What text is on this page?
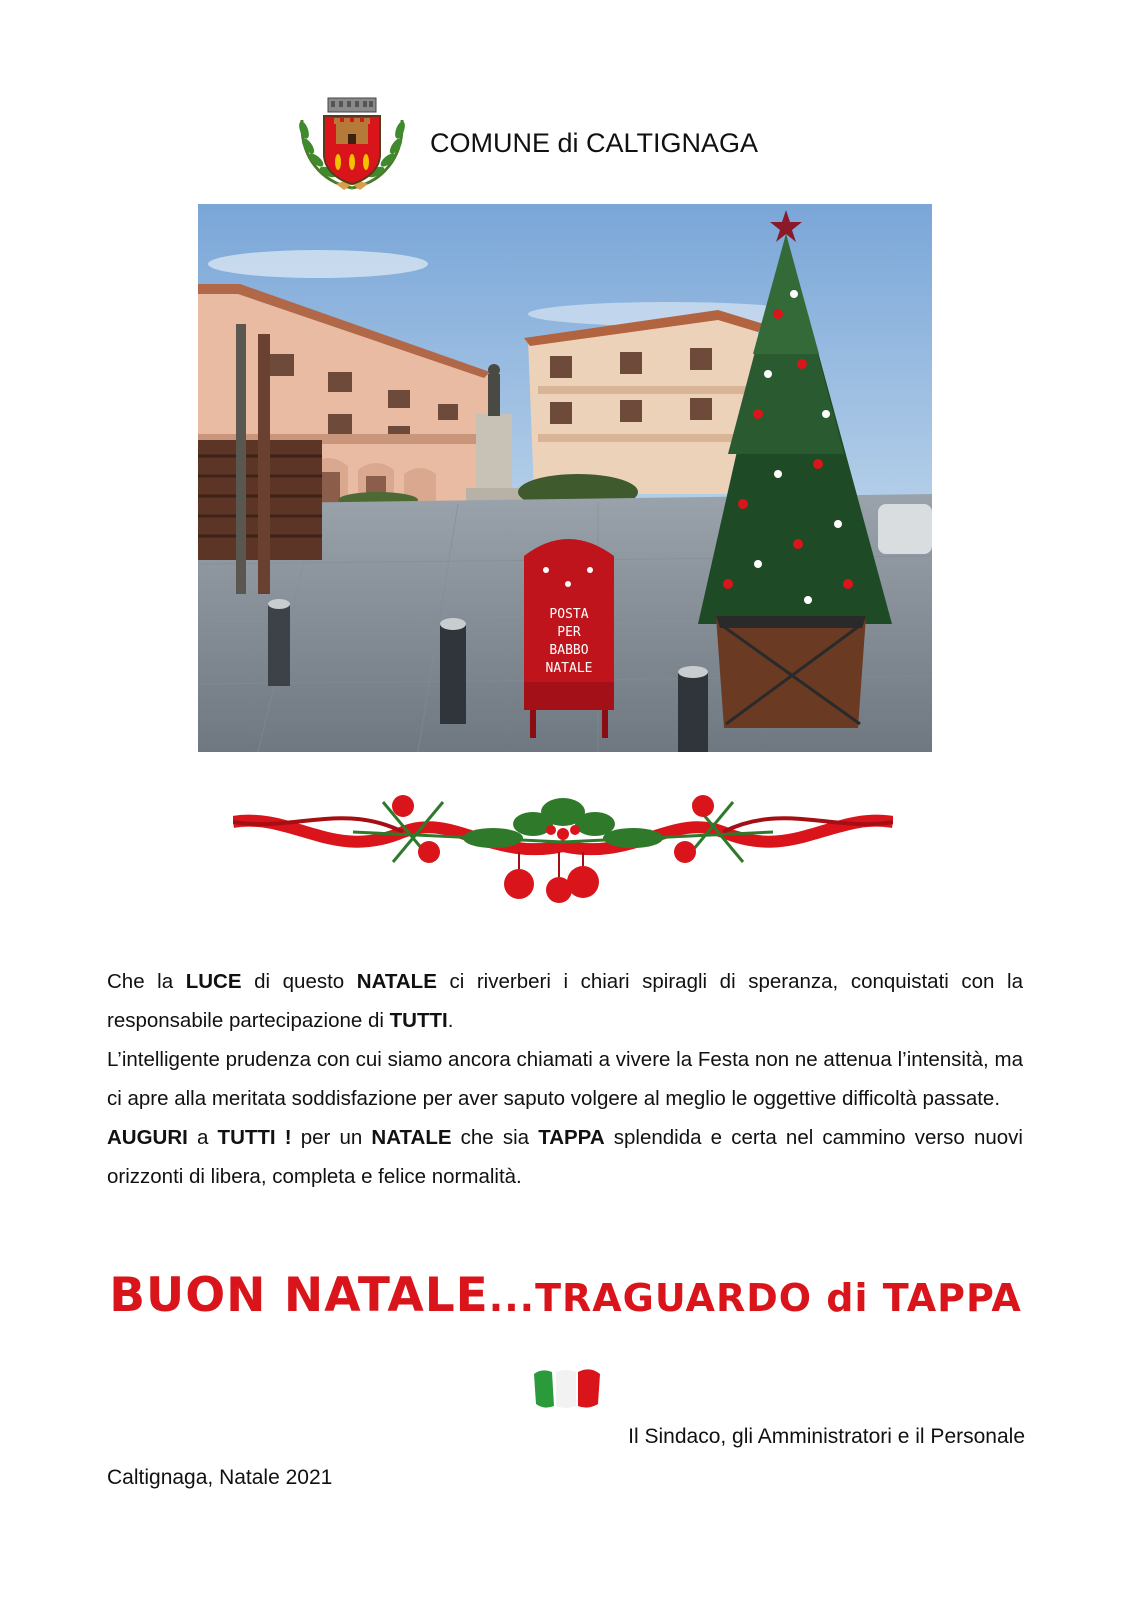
COMUNE di CALTIGNAGA
POSTA
PER
BABBO
NATALE

Che la LUCE di questo NATALE ci riverberi i chiari spiragli di speranza, conquistati con la responsabile partecipazione di TUTTI.

L’intelligente prudenza con cui siamo ancora chiamati a vivere la Festa non ne attenua l’intensità, ma ci apre alla meritata soddisfazione per aver saputo volgere al meglio le oggettive difficoltà passate.

AUGURI a TUTTI ! per un NATALE che sia TAPPA splendida e certa nel cammino verso nuovi orizzonti di libera, completa e felice normalità.

BUON NATALE...TRAGUARDO di TAPPA
Il Sindaco, gli Amministratori e il Personale
Caltignaga, Natale 2021
